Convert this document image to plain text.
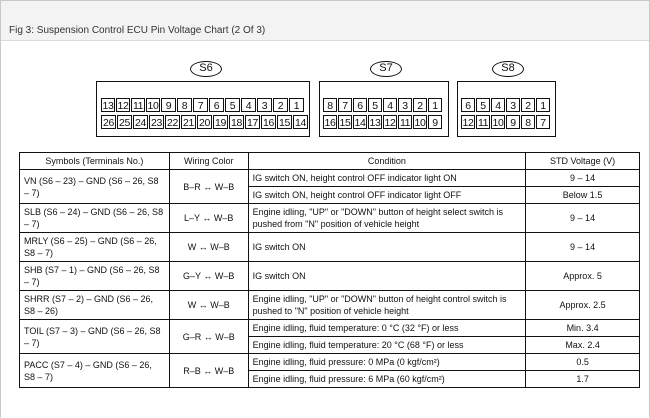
Fig 3: Suspension Control ECU Pin Voltage Chart (2 Of 3)
S6	S7	S8
13 12 11 10 9	8	7	6	5	4	3	2	1
26 25 24 23 22 21 20 19 18 17 16 15 14
8 7 6 5 4 3 2 1
16 15 14 13 12 11 10 9
6 5 4 3 2 1
12 11 10 9 8 7
Symbols (Terminals No.)	Wiring Color	Condition	STD Voltage (V)
VN (S6 – 23) – GND (S6 – 26, S8 – 7)	B–R ↔ W–B	IG switch ON, height control OFF indicator light ON	9 – 14
		IG switch ON, height control OFF indicator light OFF	Below 1.5
SLB (S6 – 24) – GND (S6 – 26, S8 – 7)	L–Y ↔ W–B	Engine idling, "UP" or "DOWN" button of height select switch is pushed from "N" position of vehicle height	9 – 14
MRLY (S6 – 25) – GND (S6 – 26, S8 – 7)	W ↔ W–B	IG switch ON	9 – 14
SHB (S7 – 1) – GND (S6 – 26, S8 – 7)	G–Y ↔ W–B	IG switch ON	Approx. 5
SHRR (S7 – 2) – GND (S6 – 26, S8 – 26)	W ↔ W–B	Engine idling, "UP" or "DOWN" button of height control switch is pushed to "N" position of vehicle height	Approx. 2.5
TOIL (S7 – 3) – GND (S6 – 26, S8 – 7)	G–R ↔ W–B	Engine idling, fluid temperature: 0 °C (32 °F) or less	Min. 3.4
		Engine idling, fluid temperature: 20 °C (68 °F) or less	Max. 2.4
PACC (S7 – 4) – GND (S6 – 26, S8 – 7)	R–B ↔ W–B	Engine idling, fluid pressure: 0 MPa (0 kgf/cm²)	0.5
		Engine idling, fluid pressure: 6 MPa (60 kgf/cm²)	1.7
